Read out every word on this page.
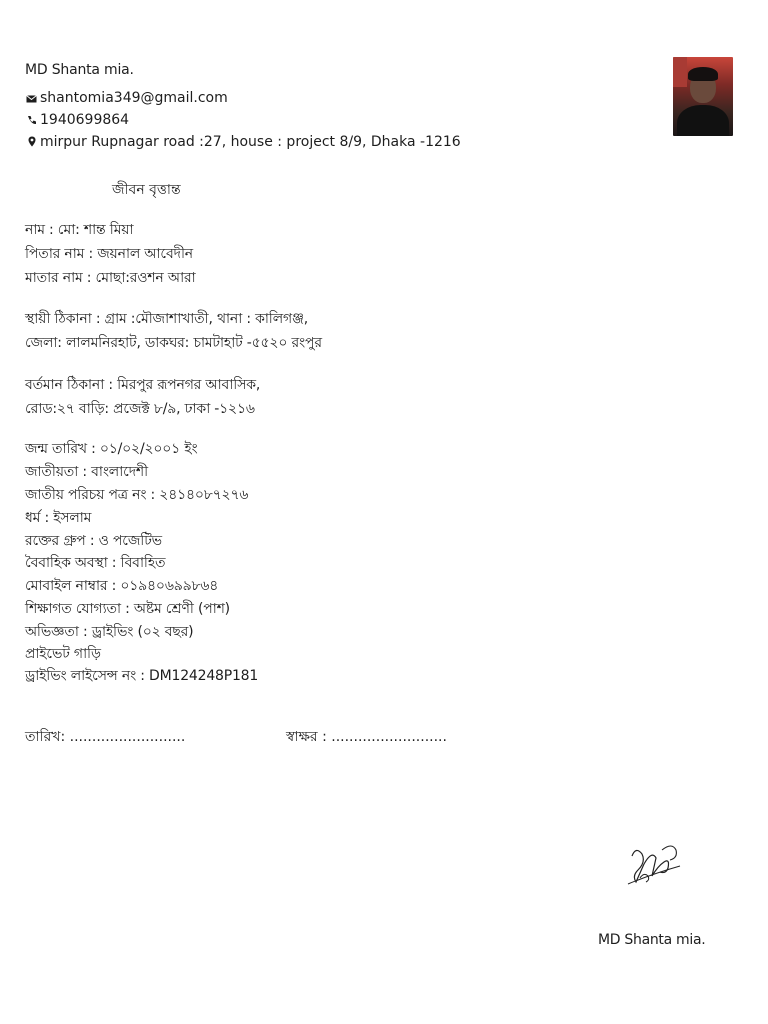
MD Shanta mia.
shantomia349@gmail.com
1940699864
mirpur Rupnagar road :27, house : project 8/9, Dhaka -1216
জীবন বৃত্তান্ত
নাম : মো: শান্ত মিয়া
পিতার নাম : জয়নাল আবেদীন
মাতার নাম : মোছা:রওশন আরা
স্থায়ী ঠিকানা : গ্রাম :মৌজাশাখাতী, থানা : কালিগঞ্জ,
জেলা: লালমনিরহাট, ডাকঘর: চামটাহাট -৫৫২০ রংপুর
বর্তমান ঠিকানা : মিরপুর রূপনগর আবাসিক,
রোড:২৭ বাড়ি: প্রজেক্ট ৮/৯, ঢাকা -১২১৬
জন্ম তারিখ : ০১/০২/২০০১ ইং
জাতীয়তা : বাংলাদেশী
জাতীয় পরিচয় পত্র নং : ২৪১৪০৮৭২৭৬
ধর্ম : ইসলাম
রক্তের গ্রুপ : ও পজেটিভ
বৈবাহিক অবস্থা : বিবাহিত
মোবাইল নাম্বার : ০১৯৪০৬৯৯৮৬৪
শিক্ষাগত যোগ্যতা : অষ্টম শ্রেণী (পাশ)
অভিজ্ঞতা : ড্রাইভিং (০২ বছর)
প্রাইভেট গাড়ি
ড্রাইভিং লাইসেন্স নং : DM124248P181
তারিখ: ..........................	স্বাক্ষর : ..........................
MD Shanta mia.
